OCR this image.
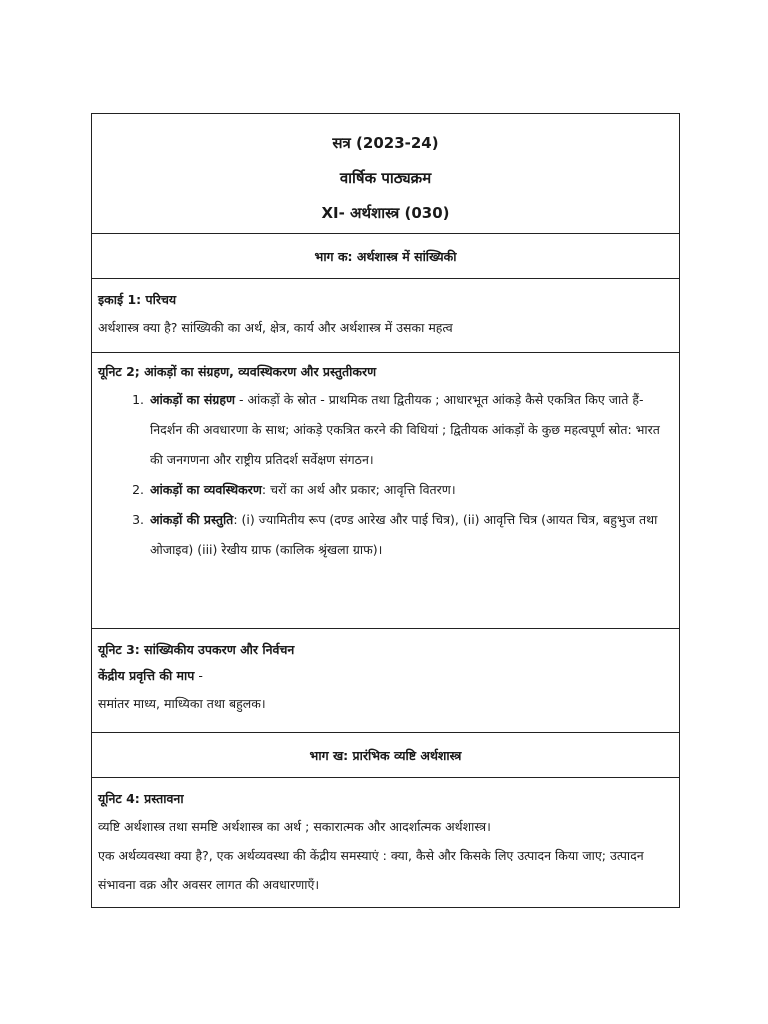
सत्र (2023-24)
वार्षिक पाठ्यक्रम
XI- अर्थशास्त्र (030)
भाग क: अर्थशास्त्र में सांख्यिकी
इकाई 1: परिचय
अर्थशास्त्र क्या है? सांख्यिकी का अर्थ, क्षेत्र, कार्य और अर्थशास्त्र में उसका महत्व
यूनिट 2; आंकड़ों का संग्रहण, व्यवस्थिकरण और प्रस्तुतीकरण
1. आंकड़ों का संग्रहण - आंकड़ों के स्रोत - प्राथमिक तथा द्वितीयक ; आधारभूत आंकड़े कैसे एकत्रित किए जाते हैं- निदर्शन की अवधारणा के साथ; आंकड़े एकत्रित करने की विधियां ; द्वितीयक आंकड़ों के कुछ महत्वपूर्ण स्रोत: भारत की जनगणना और राष्ट्रीय प्रतिदर्श सर्वेक्षण संगठन।
2. आंकड़ों का व्यवस्थिकरण: चरों का अर्थ और प्रकार; आवृत्ति वितरण।
3. आंकड़ों की प्रस्तुति: (i) ज्यामितीय रूप (दण्ड आरेख और पाई चित्र), (ii) आवृत्ति चित्र (आयत चित्र, बहुभुज तथा ओजाइव) (iii) रेखीय ग्राफ (कालिक श्रृंखला ग्राफ)।
यूनिट 3: सांख्यिकीय उपकरण और निर्वचन
केंद्रीय प्रवृत्ति की माप -
समांतर माध्य, माध्यिका तथा बहुलक।
भाग ख: प्रारंभिक व्यष्टि अर्थशास्त्र
यूनिट 4: प्रस्तावना
व्यष्टि अर्थशास्त्र तथा समष्टि अर्थशास्त्र का अर्थ ; सकारात्मक और आदर्शात्मक अर्थशास्त्र।
एक अर्थव्यवस्था क्या है?, एक अर्थव्यवस्था की केंद्रीय समस्याएं : क्या, कैसे और किसके लिए उत्पादन किया जाए; उत्पादन संभावना वक्र और अवसर लागत की अवधारणाएँ।
